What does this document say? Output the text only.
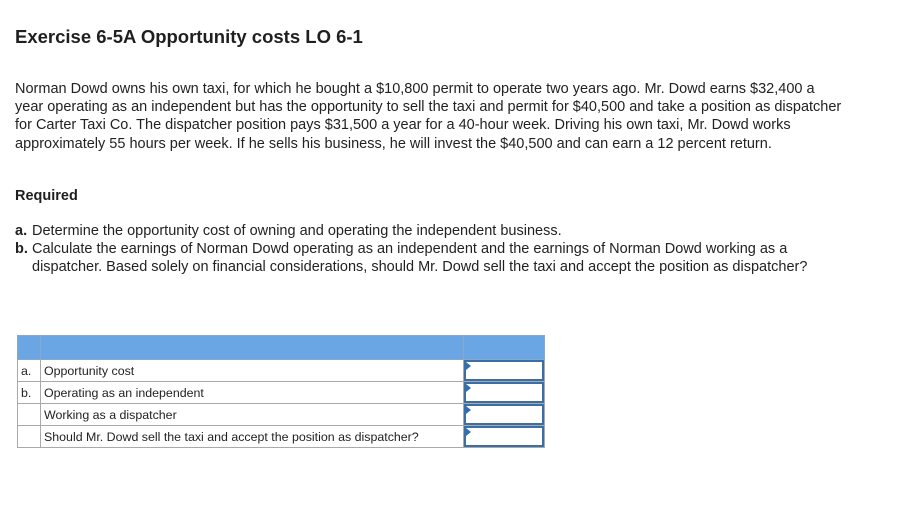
Exercise 6-5A Opportunity costs LO 6-1

Norman Dowd owns his own taxi, for which he bought a $10,800 permit to operate two years ago. Mr. Dowd earns $32,400 a year operating as an independent but has the opportunity to sell the taxi and permit for $40,500 and take a position as dispatcher for Carter Taxi Co. The dispatcher position pays $31,500 a year for a 40-hour week. Driving his own taxi, Mr. Dowd works approximately 55 hours per week. If he sells his business, he will invest the $40,500 and can earn a 12 percent return.

Required
a. Determine the opportunity cost of owning and operating the independent business.
b. Calculate the earnings of Norman Dowd operating as an independent and the earnings of Norman Dowd working as a dispatcher. Based solely on financial considerations, should Mr. Dowd sell the taxi and accept the position as dispatcher?

a.	Opportunity cost	

b.	Operating as an independent	

	Working as a dispatcher	

	Should Mr. Dowd sell the taxi and accept the position as dispatcher?	
